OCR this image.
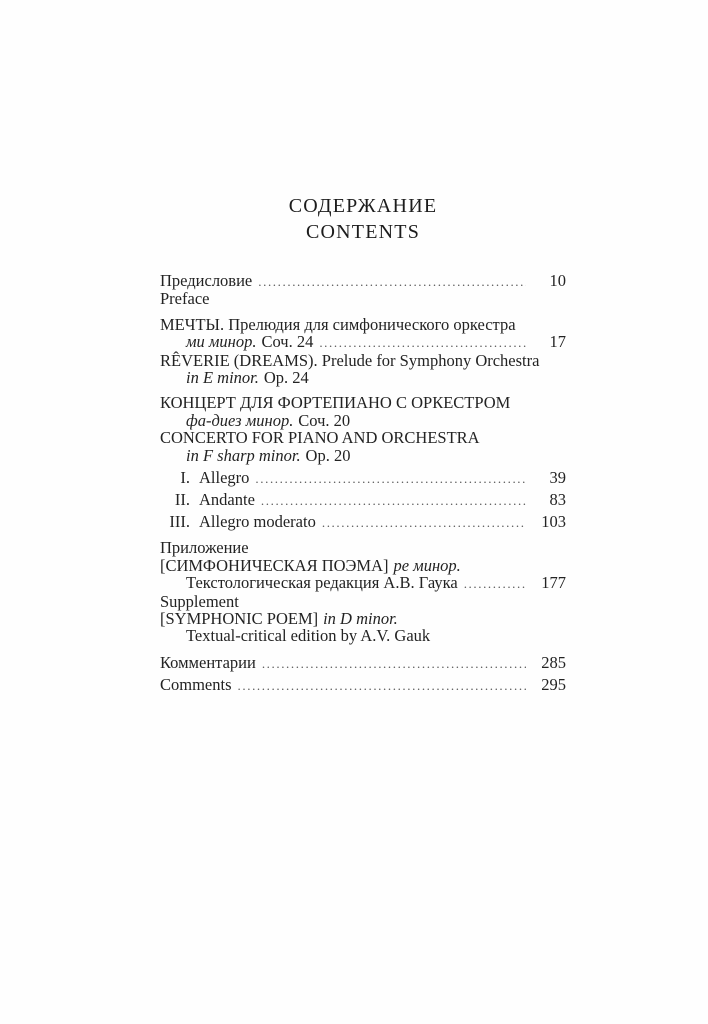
СОДЕРЖАНИЕ
CONTENTS
Предисловие .....	10
Preface
МЕЧТЫ. Прелюдия для симфонического оркестра
ми минор. Соч. 24 .....	17
RÊVERIE (DREAMS). Prelude for Symphony Orchestra
in E minor. Op. 24
КОНЦЕРТ ДЛЯ ФОРТЕПИАНО С ОРКЕСТРОМ
фа-диез минор. Соч. 20
CONCERTO FOR PIANO AND ORCHESTRA
in F sharp minor. Op. 20
I. Allegro .....	39
II. Andante .....	83
III. Allegro moderato .....	103
Приложение
[СИМФОНИЧЕСКАЯ ПОЭМА] ре минор.
Текстологическая редакция А.В. Гаука .....	177
Supplement
[SYMPHONIC POEM] in D minor.
Textual-critical edition by A.V. Gauk
Комментарии .....	285
Comments .....	295
